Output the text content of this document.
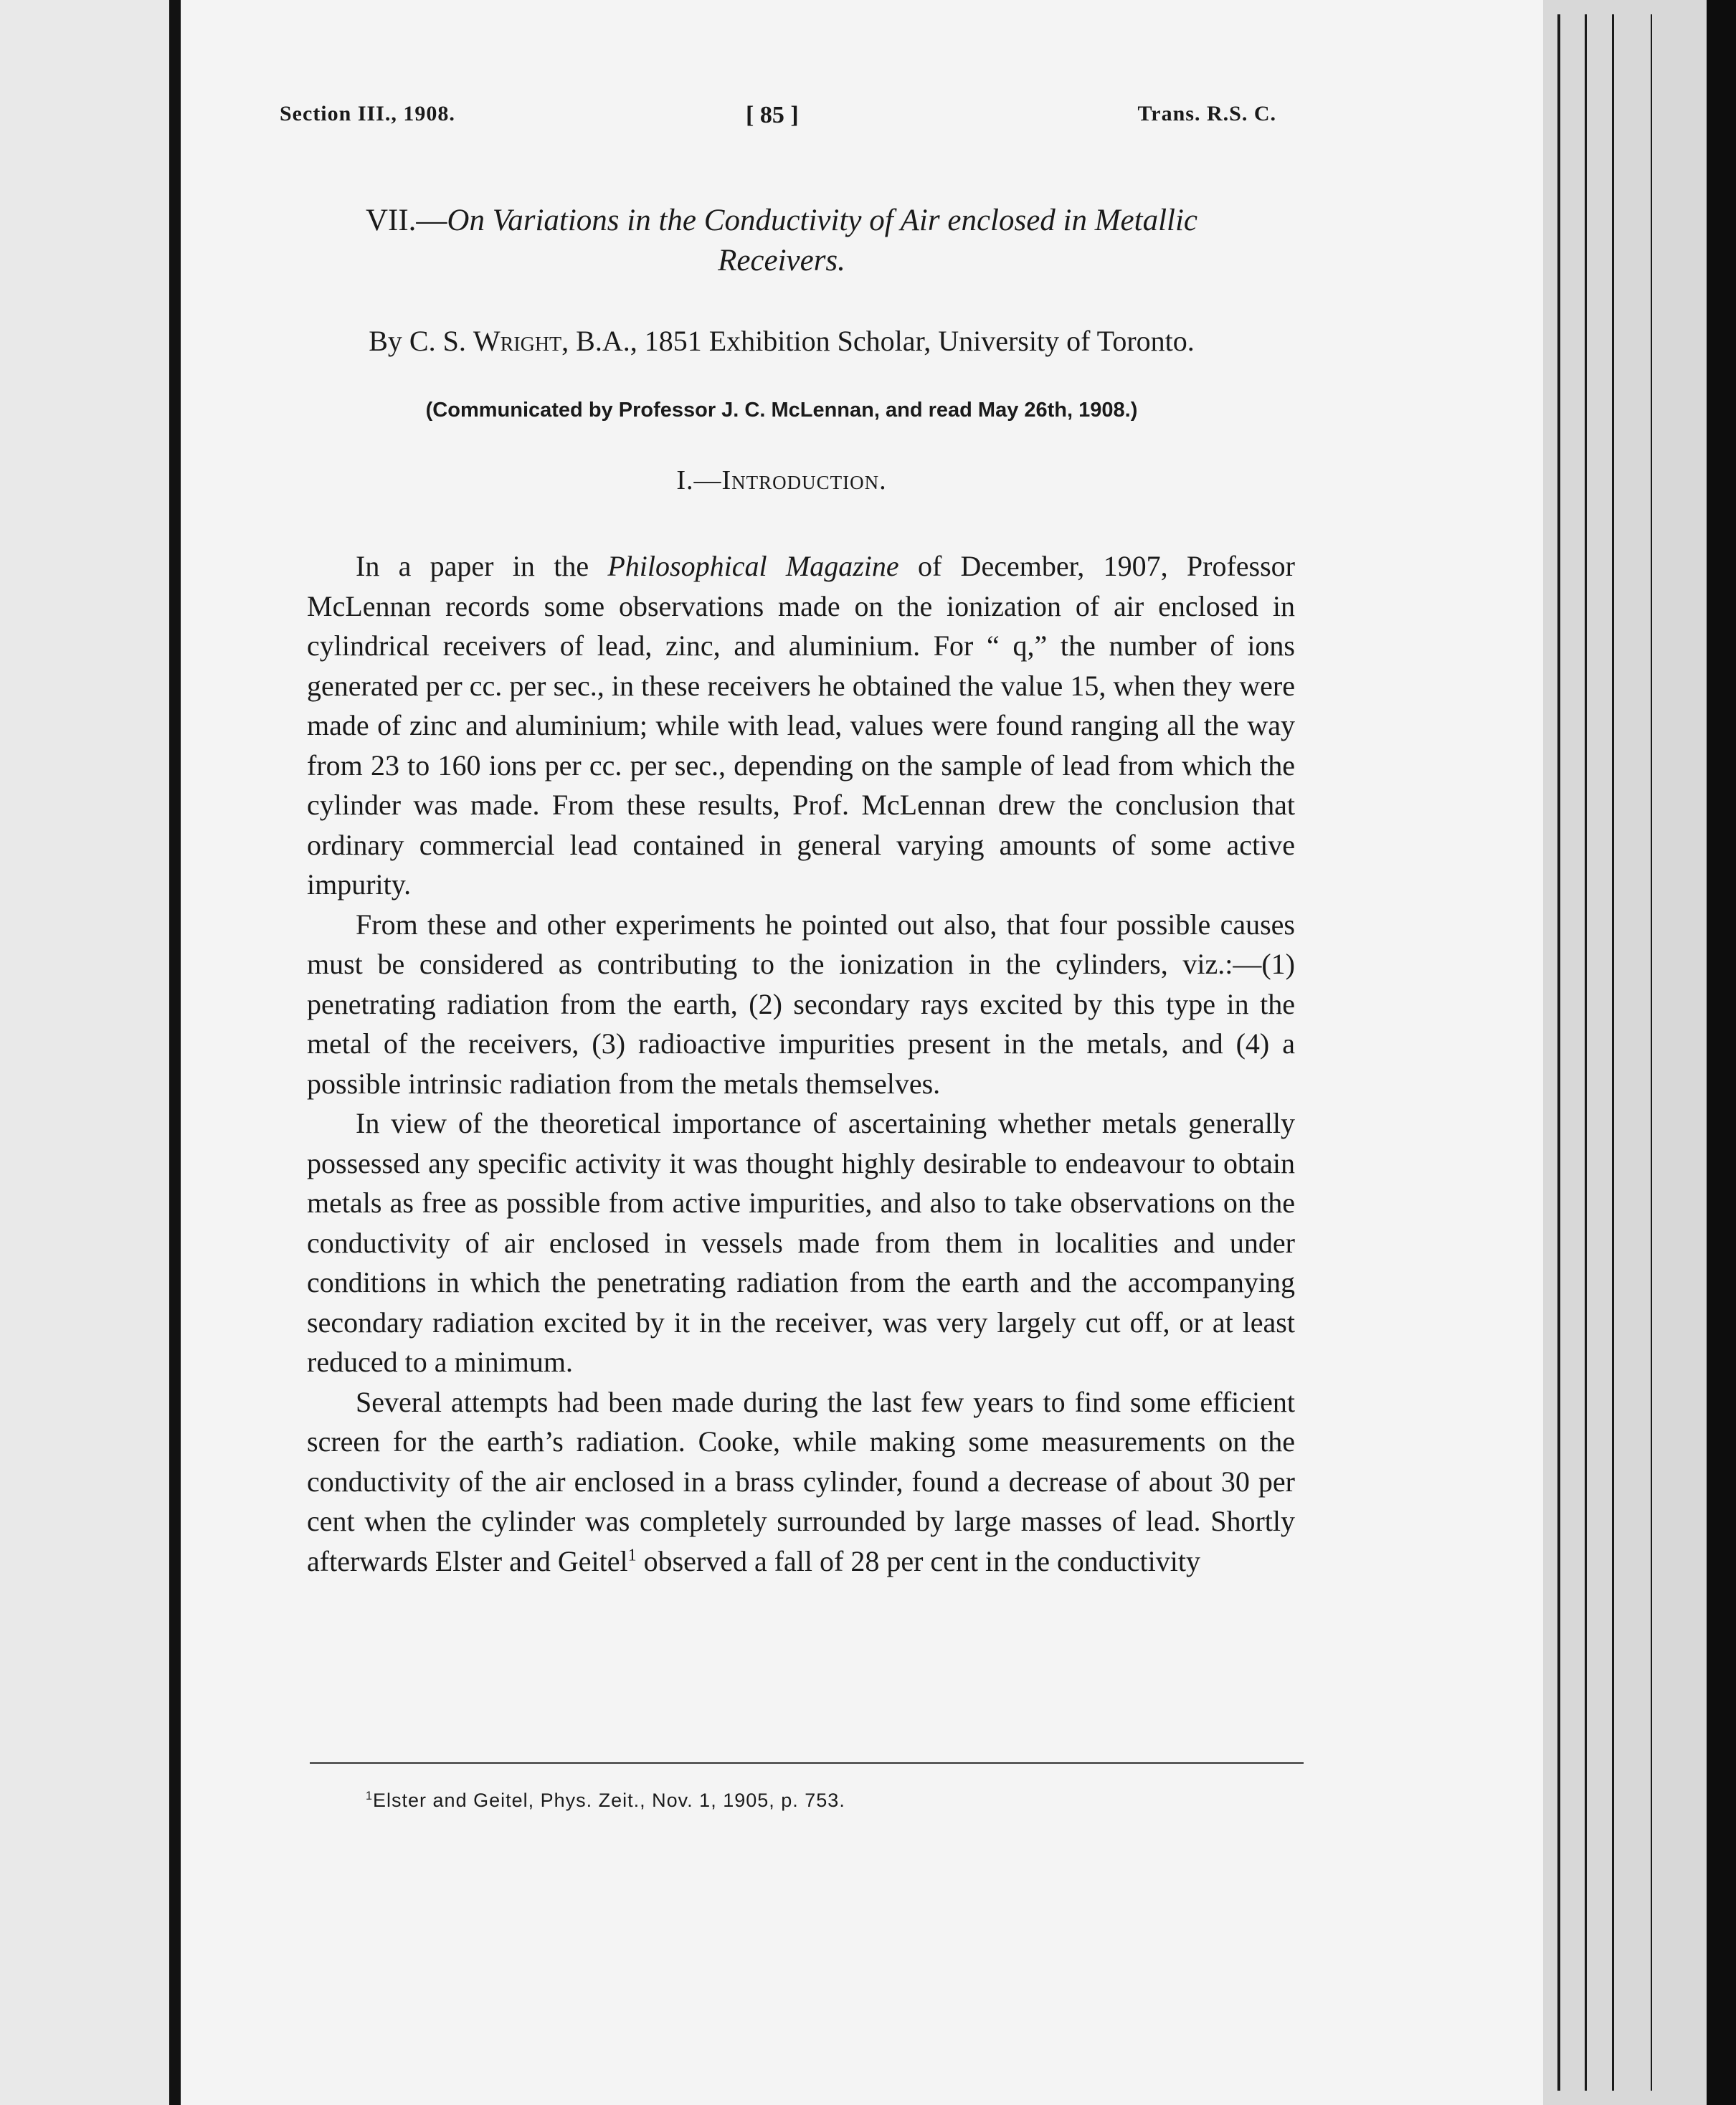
Section III., 1908.	[ 85 ]	Trans. R.S. C.
VII.—On Variations in the Conductivity of Air enclosed in Metallic
Receivers.
By C. S. Wright, B.A., 1851 Exhibition Scholar, University of Toronto.
(Communicated by Professor J. C. McLennan, and read May 26th, 1908.)
I.—Introduction.

In a paper in the Philosophical Magazine of December, 1907, Professor McLennan records some observations made on the ionization of air enclosed in cylindrical receivers of lead, zinc, and aluminium. For “ q,” the number of ions generated per cc. per sec., in these receivers he obtained the value 15, when they were made of zinc and aluminium; while with lead, values were found ranging all the way from 23 to 160 ions per cc. per sec., depending on the sample of lead from which the cylinder was made. From these results, Prof. McLennan drew the conclusion that ordinary commercial lead contained in general varying amounts of some active impurity.

From these and other experiments he pointed out also, that four possible causes must be considered as contributing to the ionization in the cylinders, viz.:—(1) penetrating radiation from the earth, (2) secondary rays excited by this type in the metal of the receivers, (3) radioactive impurities present in the metals, and (4) a possible intrinsic radiation from the metals themselves.

In view of the theoretical importance of ascertaining whether metals generally possessed any specific activity it was thought highly desirable to endeavour to obtain metals as free as possible from active impurities, and also to take observations on the conductivity of air enclosed in vessels made from them in localities and under conditions in which the penetrating radiation from the earth and the accompanying secondary radiation excited by it in the receiver, was very largely cut off, or at least reduced to a minimum.

Several attempts had been made during the last few years to find some efficient screen for the earth’s radiation. Cooke, while making some measurements on the conductivity of the air enclosed in a brass cylinder, found a decrease of about 30 per cent when the cylinder was completely surrounded by large masses of lead. Shortly afterwards Elster and Geitel$^1$ observed a fall of 28 per cent in the conductivity

$^1$Elster and Geitel, Phys. Zeit., Nov. 1, 1905, p. 753.
